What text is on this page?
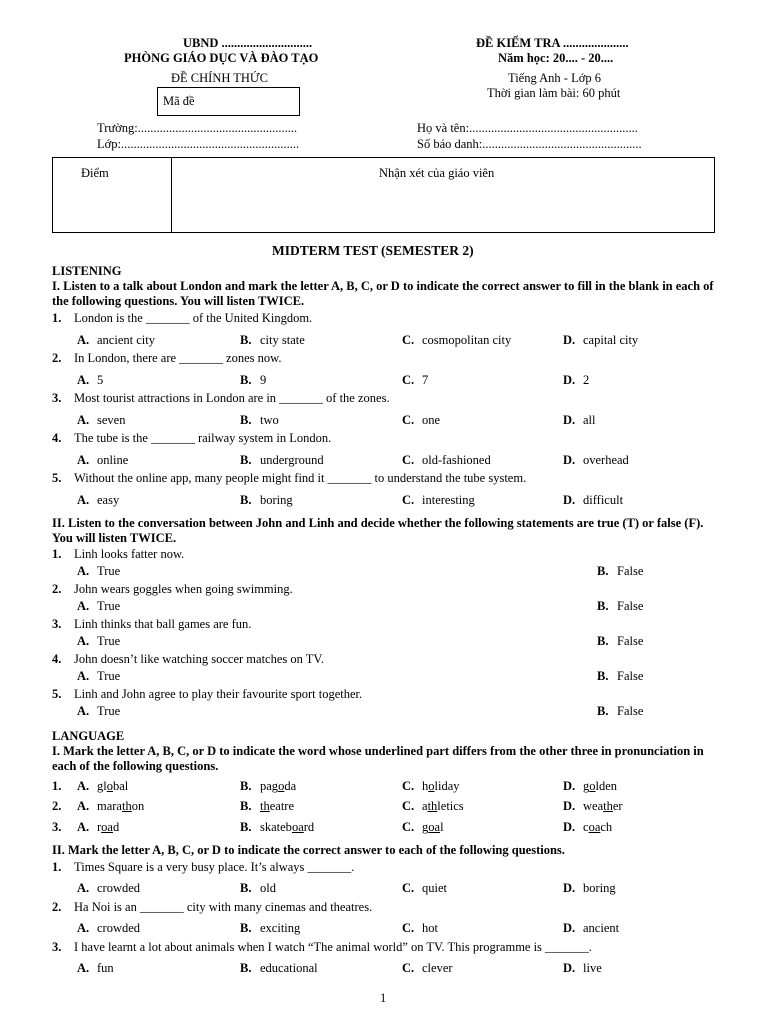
UBND .............................
PHÒNG GIÁO DỤC VÀ ĐÀO TẠO
ĐỀ CHÍNH THỨC
Mã đề
ĐỀ KIỂM TRA .....................
Năm học: 20.... - 20....
Tiếng Anh - Lớp 6
Thời gian làm bài: 60 phút
Trường:...................................................
Lớp:.........................................................
Họ và tên:......................................................
Số báo danh:...................................................
Điểm	Nhận xét của giáo viên
MIDTERM TEST (SEMESTER 2)
LISTENING
I. Listen to a talk about London and mark the letter A, B, C, or D to indicate the correct answer to fill in the blank in each of the following questions. You will listen TWICE.
1. London is the _______ of the United Kingdom.
A. ancient city	B. city state	C. cosmopolitan city	D. capital city
2. In London, there are _______ zones now.
A. 5	B. 9	C. 7	D. 2
3. Most tourist attractions in London are in _______ of the zones.
A. seven	B. two	C. one	D. all
4. The tube is the _______ railway system in London.
A. online	B. underground	C. old-fashioned	D. overhead
5. Without the online app, many people might find it _______ to understand the tube system.
A. easy	B. boring	C. interesting	D. difficult
II. Listen to the conversation between John and Linh and decide whether the following statements are true (T) or false (F). You will listen TWICE.
1. Linh looks fatter now.
A. True	B. False
2. John wears goggles when going swimming.
A. True	B. False
3. Linh thinks that ball games are fun.
A. True	B. False
4. John doesn’t like watching soccer matches on TV.
A. True	B. False
5. Linh and John agree to play their favourite sport together.
A. True	B. False
LANGUAGE
I. Mark the letter A, B, C, or D to indicate the word whose underlined part differs from the other three in pronunciation in each of the following questions.
1.	A. global	B. pagoda	C. holiday	D. golden
2.	A. marathon	B. theatre	C. athletics	D. weather
3.	A. road	B. skateboard	C. goal	D. coach
II. Mark the letter A, B, C, or D to indicate the correct answer to each of the following questions.
1. Times Square is a very busy place. It’s always _______.
A. crowded	B. old	C. quiet	D. boring
2. Ha Noi is an _______ city with many cinemas and theatres.
A. crowded	B. exciting	C. hot	D. ancient
3. I have learnt a lot about animals when I watch “The animal world” on TV. This programme is _______.
A. fun	B. educational	C. clever	D. live
1
